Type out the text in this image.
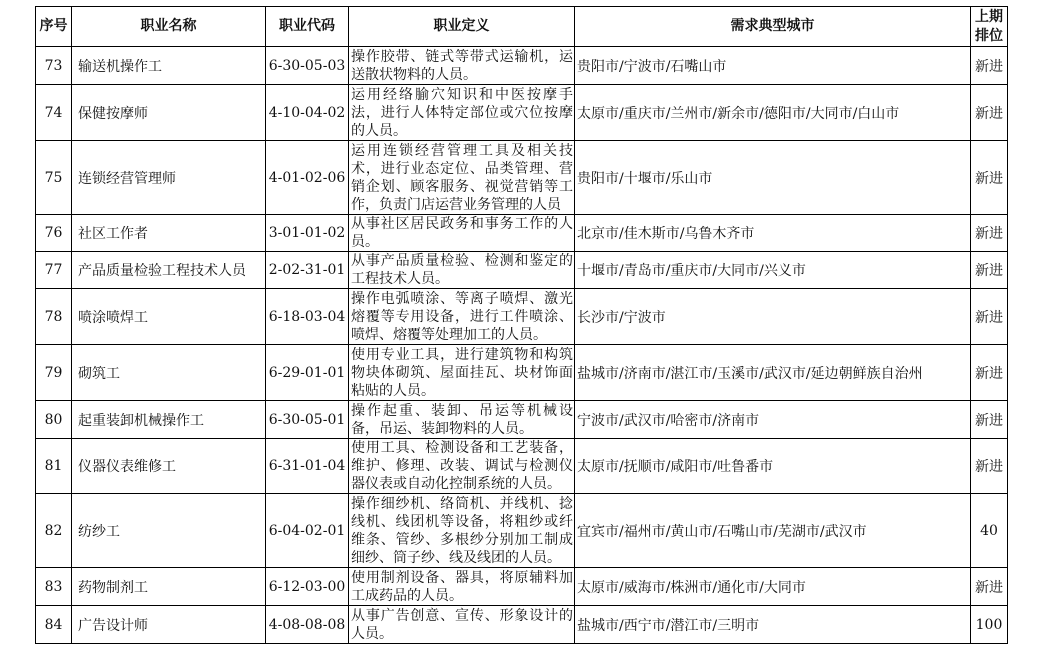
序号	职业名称	职业代码	职业定义	需求典型城市	上期
排位

73	输送机操作工	6-30-05-03	操作胶带、链式等带式运输机，运送散状物料的人员。	贵阳市/宁波市/石嘴山市	新进
74	保健按摩师	4-10-04-02	运用经络腧穴知识和中医按摩手法，进行人体特定部位或穴位按摩的人员。	太原市/重庆市/兰州市/新余市/德阳市/大同市/白山市	新进
75	连锁经营管理师	4-01-02-06	运用连锁经营管理工具及相关技术，进行业态定位、品类管理、营销企划、顾客服务、视觉营销等工作，负责门店运营业务管理的人员	贵阳市/十堰市/乐山市	新进
76	社区工作者	3-01-01-02	从事社区居民政务和事务工作的人员。	北京市/佳木斯市/乌鲁木齐市	新进
77	产品质量检验工程技术人员	2-02-31-01	从事产品质量检验、检测和鉴定的工程技术人员。	十堰市/青岛市/重庆市/大同市/兴义市	新进
78	喷涂喷焊工	6-18-03-04	操作电弧喷涂、等离子喷焊、激光熔覆等专用设备，进行工件喷涂、喷焊、熔覆等处理加工的人员。	长沙市/宁波市	新进
79	砌筑工	6-29-01-01	使用专业工具，进行建筑物和构筑物块体砌筑、屋面挂瓦、块材饰面粘贴的人员。	盐城市/济南市/湛江市/玉溪市/武汉市/延边朝鲜族自治州	新进
80	起重装卸机械操作工	6-30-05-01	操作起重、装卸、吊运等机械设备，吊运、装卸物料的人员。	宁波市/武汉市/哈密市/济南市	新进
81	仪器仪表维修工	6-31-01-04	使用工具、检测设备和工艺装备，维护、修理、改装、调试与检测仪器仪表或自动化控制系统的人员。	太原市/抚顺市/咸阳市/吐鲁番市	新进
82	纺纱工	6-04-02-01	操作细纱机、络筒机、并线机、捻线机、线团机等设备，将粗纱或纤维条、管纱、多根纱分别加工制成细纱、筒子纱、线及线团的人员。	宜宾市/福州市/黄山市/石嘴山市/芜湖市/武汉市	40
83	药物制剂工	6-12-03-00	使用制剂设备、器具，将原辅料加工成药品的人员。	太原市/威海市/株洲市/通化市/大同市	新进
84	广告设计师	4-08-08-08	从事广告创意、宣传、形象设计的人员。	盐城市/西宁市/潜江市/三明市	100
